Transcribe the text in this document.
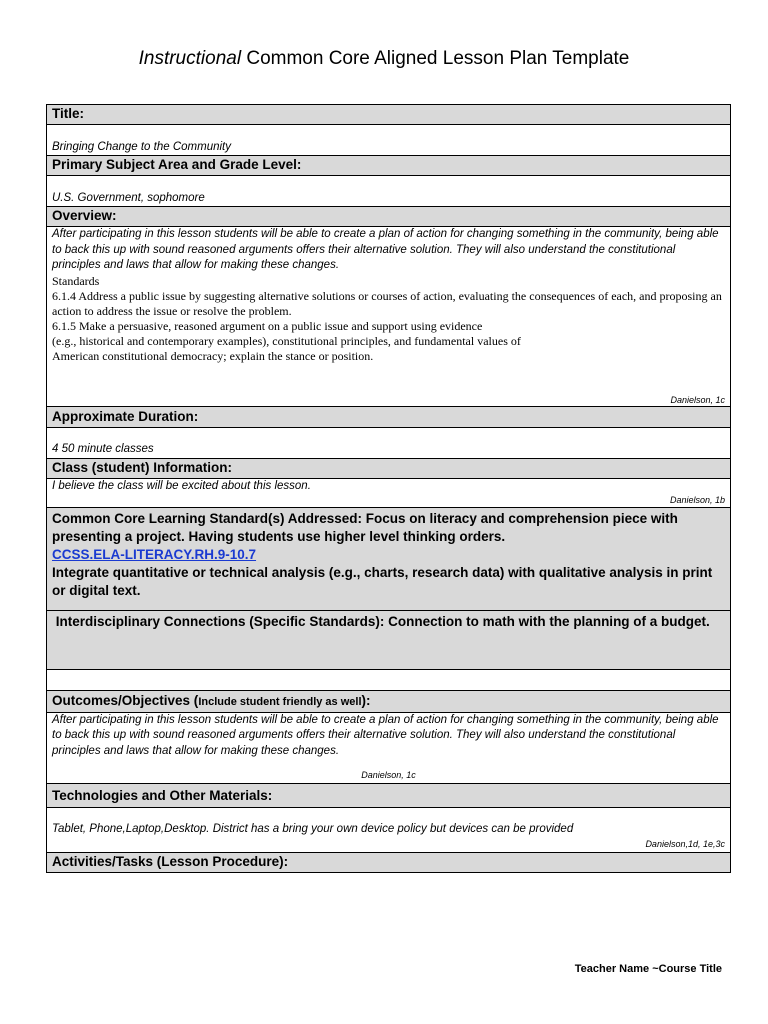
Instructional Common Core Aligned Lesson Plan Template
Title:

Bringing Change to the Community

Primary Subject Area and Grade Level:

U.S. Government, sophomore

Overview:

After participating in this lesson students will be able to create a plan of action for changing something in the community, being able to back this up with sound reasoned arguments offers their alternative solution. They will also understand the constitutional principles and laws that allow for making these changes.
Standards
6.1.4 Address a public issue by suggesting alternative solutions or courses of action, evaluating the consequences of each, and proposing an action to address the issue or resolve the problem.
6.1.5 Make a persuasive, reasoned argument on a public issue and support using evidence
(e.g., historical and contemporary examples), constitutional principles, and fundamental values of
American constitutional democracy; explain the stance or position.
Danielson, 1c

Approximate Duration:

4 50 minute classes

Class (student) Information:

I believe the class will be excited about this lesson.
Danielson, 1b

Common Core Learning Standard(s) Addressed: Focus on literacy and comprehension piece with presenting a project. Having students use higher level thinking orders.
CCSS.ELA-LITERACY.RH.9-10.7
Integrate quantitative or technical analysis (e.g., charts, research data) with qualitative analysis in print or digital text.

Interdisciplinary Connections (Specific Standards): Connection to math with the planning of a budget.

Outcomes/Objectives (Include student friendly as well):

After participating in this lesson students will be able to create a plan of action for changing something in the community, being able to back this up with sound reasoned arguments offers their alternative solution. They will also understand the constitutional principles and laws that allow for making these changes.
Danielson, 1c

Technologies and Other Materials:

Tablet, Phone,Laptop,Desktop. District has a bring your own device policy but devices can be provided
Danielson,1d, 1e,3c

Activities/Tasks (Lesson Procedure):
Teacher Name ~Course Title
